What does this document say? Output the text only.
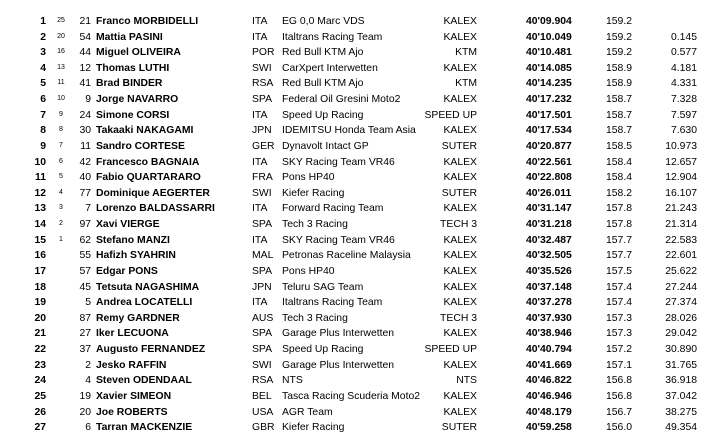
1	25	21 Franco MORBIDELLI	ITA EG 0,0 Marc VDS	KALEX	40'09.904	159.2
2	20	54 Mattia PASINI	ITA Italtrans Racing Team	KALEX	40'10.049	159.2	0.145
3	16	44 Miguel OLIVEIRA	POR Red Bull KTM Ajo	KTM	40'10.481	159.2	0.577
4	13	12 Thomas LUTHI	SWI CarXpert Interwetten	KALEX	40'14.085	158.9	4.181
5	11	41 Brad BINDER	RSA Red Bull KTM Ajo	KTM	40'14.235	158.9	4.331
6	10	9 Jorge NAVARRO	SPA Federal Oil Gresini Moto2	KALEX	40'17.232	158.7	7.328
7	9	24 Simone CORSI	ITA Speed Up Racing	SPEED UP	40'17.501	158.7	7.597
8	8	30 Takaaki NAKAGAMI	JPN IDEMITSU Honda Team Asia	KALEX	40'17.534	158.7	7.630
9	7	11 Sandro CORTESE	GER Dynavolt Intact GP	SUTER	40'20.877	158.5	10.973
10	6	42 Francesco BAGNAIA	ITA SKY Racing Team VR46	KALEX	40'22.561	158.4	12.657
11	5	40 Fabio QUARTARARO	FRA Pons HP40	KALEX	40'22.808	158.4	12.904
12	4	77 Dominique AEGERTER	SWI Kiefer Racing	SUTER	40'26.011	158.2	16.107
13	3	7 Lorenzo BALDASSARRI	ITA Forward Racing Team	KALEX	40'31.147	157.8	21.243
14	2	97 Xavi VIERGE	SPA Tech 3 Racing	TECH 3	40'31.218	157.8	21.314
15	1	62 Stefano MANZI	ITA SKY Racing Team VR46	KALEX	40'32.487	157.7	22.583
16	55 Hafizh SYAHRIN	MAL Petronas Raceline Malaysia	KALEX	40'32.505	157.7	22.601
17	57 Edgar PONS	SPA Pons HP40	KALEX	40'35.526	157.5	25.622
18	45 Tetsuta NAGASHIMA	JPN Teluru SAG Team	KALEX	40'37.148	157.4	27.244
19	5 Andrea LOCATELLI	ITA Italtrans Racing Team	KALEX	40'37.278	157.4	27.374
20	87 Remy GARDNER	AUS Tech 3 Racing	TECH 3	40'37.930	157.3	28.026
21	27 Iker LECUONA	SPA Garage Plus Interwetten	KALEX	40'38.946	157.3	29.042
22	37 Augusto FERNANDEZ	SPA Speed Up Racing	SPEED UP	40'40.794	157.2	30.890
23	2 Jesko RAFFIN	SWI Garage Plus Interwetten	KALEX	40'41.669	157.1	31.765
24	4 Steven ODENDAAL	RSA NTS	NTS	40'46.822	156.8	36.918
25	19 Xavier SIMEON	BEL Tasca Racing Scuderia Moto2	KALEX	40'46.946	156.8	37.042
26	20 Joe ROBERTS	USA AGR Team	KALEX	40'48.179	156.7	38.275
27	6 Tarran MACKENZIE	GBR Kiefer Racing	SUTER	40'59.258	156.0	49.354
